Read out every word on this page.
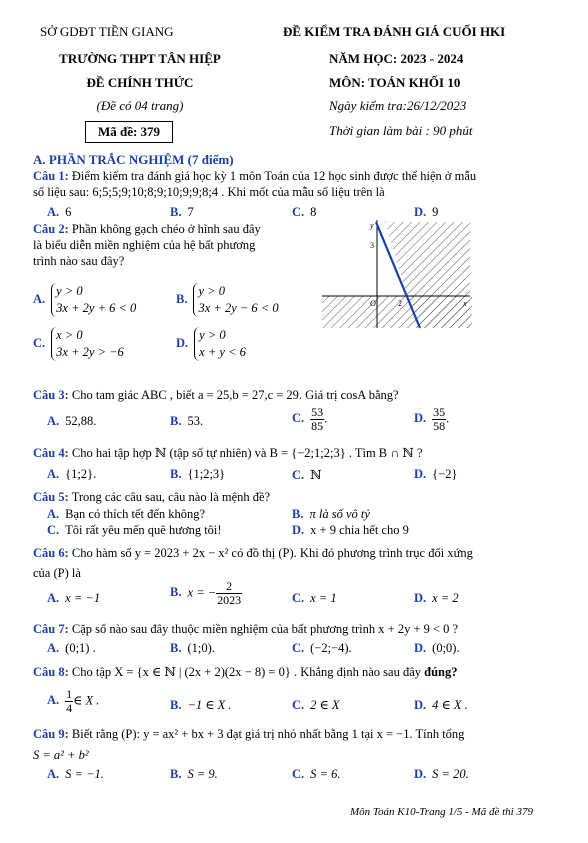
SỞ GDĐT TIỀN GIANG
TRƯỜNG THPT TÂN HIỆP
ĐỀ CHÍNH THỨC
(Đề có 04 trang)
Mã đề: 379
ĐỀ KIỂM TRA ĐÁNH GIÁ CUỐI HKI
NĂM HỌC: 2023 - 2024
MÔN: TOÁN KHỐI 10
Ngày kiểm tra:26/12/2023
Thời gian làm bài : 90 phút
A. PHẦN TRẮC NGHIỆM (7 điểm)
Câu 1: Điểm kiểm tra đánh giá học kỳ 1 môn Toán của 12 học sinh được thể hiện ở mẫu
số liệu sau: 6;5;5;9;10;8;9;10;9;9;8;4 . Khi mốt của mẫu số liệu trên là
A. 6	B. 7	C. 8	D. 9
Câu 2: Phần không gạch chéo ở hình sau đây
là biểu diễn miền nghiệm của hệ bất phương
trình nào sau đây?
A.y > 0
3x + 2y + 6 < 0
B.y > 0
3x + 2y − 6 < 0
C.x > 0
3x + 2y > −6
D.y > 0
x + y < 6
y
3
O	2	x
Câu 3: Cho tam giác ABC , biết a = 25,b = 27,c = 29. Giá trị cosA bằng?
A. 52,88.	B. 53.	C. $\frac{53}{85}$ .	D. $\frac{35}{58}$ .
Câu 4: Cho hai tập hợp ℕ (tập số tự nhiên) và B = {−2;1;2;3} . Tìm B ∩ ℕ ?
A. {1;2}.	B. {1;2;3}	C. ℕ	D. {−2}
Câu 5: Trong các câu sau, câu nào là mệnh đề?
A. Bạn có thích tết đến không?	B. π là số vô tỷ
C. Tôi rất yêu mến quê hương tôi!	D. x + 9 chia hết cho 9
Câu 6: Cho hàm số y = 2023 + 2x − x² có đồ thị (P). Khi đó phương trình trục đối xứng
của (P) là
A. x = −1	B. x = − $\frac{2}{2023}$	C. x = 1	D. x = 2
Câu 7: Cặp số nào sau đây thuộc miền nghiệm của bất phương trình x + 2y + 9 < 0 ?
A. (0;1) .	B. (1;0).	C. (−2;−4).	D. (0;0).
Câu 8: Cho tập X = {x ∈ ℕ | (2x + 2)(2x − 8) = 0} . Khẳng định nào sau đây đúng?
A. $\frac{1}{4}$ ∈ X .	B. −1 ∈ X .	C. 2 ∈ X	D. 4 ∈ X .
Câu 9: Biết rằng (P): y = ax² + bx + 3 đạt giá trị nhỏ nhất bằng 1 tại x = −1. Tính tổng
S = a² + b²
A. S = −1.	B. S = 9.	C. S = 6.	D. S = 20.
Môn Toán K10-Trang 1/5 - Mã đề thi 379
